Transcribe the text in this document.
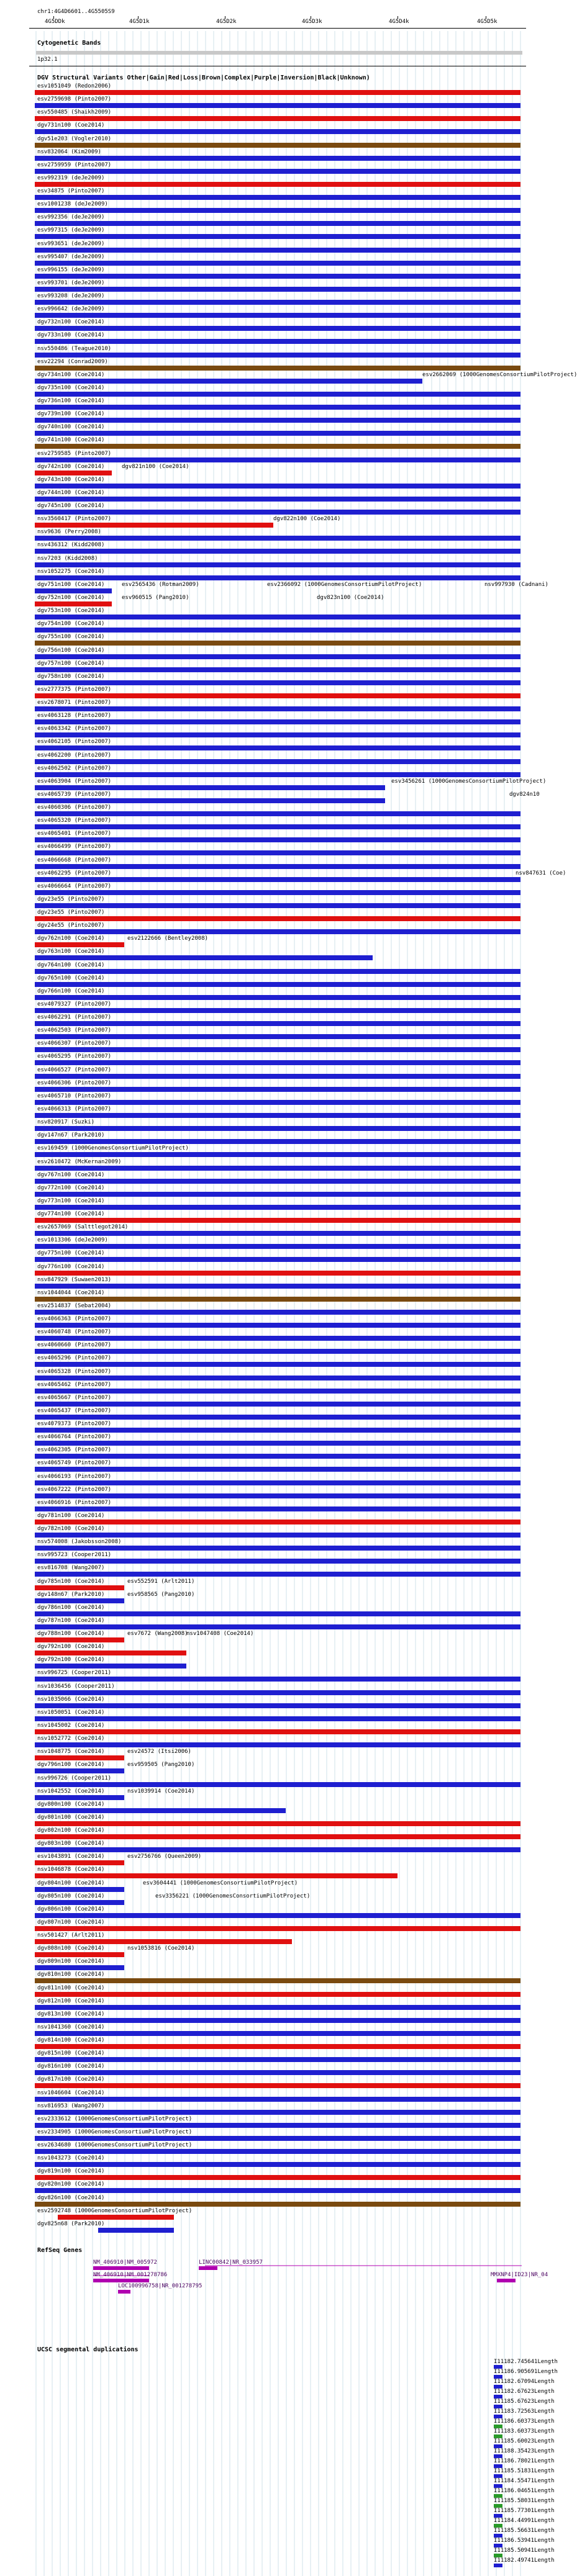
chr1:4G4D6601..4G5505S9
4G5DDk	4G5D1k	4G5D2k	4G5D3k	4G5D4k	4G5D5k
Cytogenetic Bands
1p32.1
DGV Structural Variants Other|Gain|Red|Loss|Brown|Complex|Purple|Inversion|Black|Unknown)
esv1051049 (Redon2006)
esv2759698 (Pinto2007)
esv550485 (Shaikh2009)
dgv731n100 (Coe2014)
dgv51e203 (Vogler2010)
nsv832064 (Kim2009)
esv2759959 (Pinto2007)
esv992319 (deJe2009)
esv34875 (Pinto2007)
esv1001238 (deJe2009)
esv992356 (deJe2009)
esv997315 (deJe2009)
esv993651 (deJe2009)
esv995407 (deJe2009)
esv996155 (deJe2009)
esv993701 (deJe2009)
esv993208 (deJe2009)
esv996642 (deJe2009)
dgv732n100 (Coe2014)
dgv733n100 (Coe2014)
nsv550486 (Teague2010)
esv22294 (Conrad2009)
dgv734n100 (Coe2014)	esv2662069 (1000GenomesConsortiumPilotProject)
dgv735n100 (Coe2014)
dgv736n100 (Coe2014)
dgv739n100 (Coe2014)
dgv740n100 (Coe2014)
dgv741n100 (Coe2014)
esv2759585 (Pinto2007)
dgv742n100 (Coe2014)	dgv821n100 (Coe2014)
dgv743n100 (Coe2014)
dgv744n100 (Coe2014)
dgv745n100 (Coe2014)
nsv3560417 (Pinto2007)	dgv822n100 (Coe2014)
nsv9636 (Perry2008)
nsv436312 (Kidd2008)
nsv7203 (Kidd2008)
nsv1052275 (Coe2014)
dgv751n100 (Coe2014)	esv2565436 (Rotman2009)	esv2366092 (1000GenomesConsortiumPilotProject)	nsv997930 (Cadnani)
dgv752n100 (Coe2014)	esv960515 (Pang2010)	dgv823n100 (Coe2014)
dgv753n100 (Coe2014)
dgv754n100 (Coe2014)
dgv755n100 (Coe2014)
dgv756n100 (Coe2014)
dgv757n100 (Coe2014)
dgv758n100 (Coe2014)
esv2777375 (Pinto2007)
esv2678071 (Pinto2007)
esv4063128 (Pinto2007)
esv4063342 (Pinto2007)
esv4062105 (Pinto2007)
esv4062200 (Pinto2007)
esv4062502 (Pinto2007)
esv4063904 (Pinto2007)	esv3456261 (1000GenomesConsortiumPilotProject)
esv4065739 (Pinto2007)	dgv824n10
esv4060306 (Pinto2007)
esv4065320 (Pinto2007)
esv4065401 (Pinto2007)
esv4066499 (Pinto2007)
esv4066668 (Pinto2007)
esv4062295 (Pinto2007)	nsv847631 (Coe)
esv4066664 (Pinto2007)
dgv23e55 (Pinto2007)
dgv23e55 (Pinto2007)
dgv24e55 (Pinto2007)
dgv762n100 (Coe2014)	esv2122666 (Bentley2008)
dgv763n100 (Coe2014)
dgv764n100 (Coe2014)
dgv765n100 (Coe2014)
dgv766n100 (Coe2014)
esv4079327 (Pinto2007)
esv4062291 (Pinto2007)
esv4062503 (Pinto2007)
esv4066307 (Pinto2007)
esv4065295 (Pinto2007)
esv4066527 (Pinto2007)
esv4066306 (Pinto2007)
esv4065710 (Pinto2007)
esv4066313 (Pinto2007)
nsv820917 (Suzki)
dgv147n67 (Park2010)
esv169459 (1000GenomesConsortiumPilotProject)
esv2610472 (McKernan2009)
dgv767n100 (Coe2014)
dgv772n100 (Coe2014)
dgv773n100 (Coe2014)
dgv774n100 (Coe2014)
esv2657069 (Salttlegot2014)
esv1013306 (deJe2009)
dgv775n100 (Coe2014)
dgv776n100 (Coe2014)
nsv847929 (Suwaen2013)
nsv1044044 (Coe2014)
esv2514837 (Sebat2004)
esv4066363 (Pinto2007)
esv4060748 (Pinto2007)
esv4060660 (Pinto2007)
esv4065296 (Pinto2007)
esv4065328 (Pinto2007)
esv4065462 (Pinto2007)
esv4065667 (Pinto2007)
esv4065437 (Pinto2007)
esv4079373 (Pinto2007)
esv4066764 (Pinto2007)
esv4062305 (Pinto2007)
esv4065749 (Pinto2007)
esv4066193 (Pinto2007)
esv4067222 (Pinto2007)
esv4066916 (Pinto2007)
dgv781n100 (Coe2014)
dgv782n100 (Coe2014)
nsv574008 (Jakobsson2008)
nsv995723 (Cooper2011)
esv816708 (Wang2007)
dgv785n100 (Coe2014)	esv552591 (Arlt2011)
dgv148n67 (Park2010)	esv958565 (Pang2010)
dgv786n100 (Coe2014)
dgv787n100 (Coe2014)
dgv788n100 (Coe2014)	esv7672 (Wang2008)
nsv1047408 (Coe2014)
dgv792n100 (Coe2014)
dgv792n100 (Coe2014)
nsv996725 (Cooper2011)
nsv1036456 (Cooper2011)
nsv1035066 (Coe2014)
nsv1050051 (Coe2014)
nsv1045002 (Coe2014)
nsv1052772 (Coe2014)
nsv1048775 (Coe2014)	esv24572 (Itsi2006)
dgv796n100 (Coe2014)	esv959505 (Pang2010)
nsv996726 (Cooper2011)
nsv1042552 (Coe2014)	nsv1039914 (Coe2014)
dgv800n100 (Coe2014)
dgv801n100 (Coe2014)
dgv802n100 (Coe2014)
dgv803n100 (Coe2014)
esv1043891 (Coe2014)	esv2756766 (Queen2009)
nsv1046878 (Coe2014)
dgv804n100 (Coe2014)	esv3604441 (1000GenomesConsortiumPilotProject)
dgv805n100 (Coe2014)	esv3356221 (1000GenomesConsortiumPilotProject)
dgv806n100 (Coe2014)
dgv807n100 (Coe2014)
nsv501427 (Arlt2011)
dgv808n100 (Coe2014)	nsv1053816 (Coe2014)
dgv809n100 (Coe2014)
dgv810n100 (Coe2014)
dgv811n100 (Coe2014)
dgv812n100 (Coe2014)
dgv813n100 (Coe2014)
nsv1041360 (Coe2014)
dgv814n100 (Coe2014)
dgv815n100 (Coe2014)
dgv816n100 (Coe2014)
dgv817n100 (Coe2014)
nsv1046604 (Coe2014)
nsv816953 (Wang2007)
esv2333612 (1000GenomesConsortiumPilotProject)
esv2334905 (1000GenomesConsortiumPilotProject)
esv2634680 (1000GenomesConsortiumPilotProject)
nsv1043273 (Coe2014)
dgv819n100 (Coe2014)
dgv820n100 (Coe2014)
dgv826n100 (Coe2014)
esv2592748 (1000GenomesConsortiumPilotProject)
dgv825n68 (Park2010)
RefSeq Genes
NM_406910|NM_005972	LINC00842|NR_033957
NM_406910|NM_001278786	MMXNP4|ID23|NR_04
LOC100996758|NR_001278795
UCSC segmental duplications
I11182.745641Length
I11186.905691Length
I11182.67094Length
I11182.67623Length
I11185.67623Length
I11183.72563Length
I11186.60373Length
I11183.60373Length
I11185.60023Length
I11188.35423Length
I11186.78021Length
I11185.51831Length
I11184.55471Length
I11186.04651Length
I11185.58031Length
I11185.77301Length
I11184.44991Length
I11185.56631Length
I11186.53941Length
I11185.50941Length
I11182.49741Length
